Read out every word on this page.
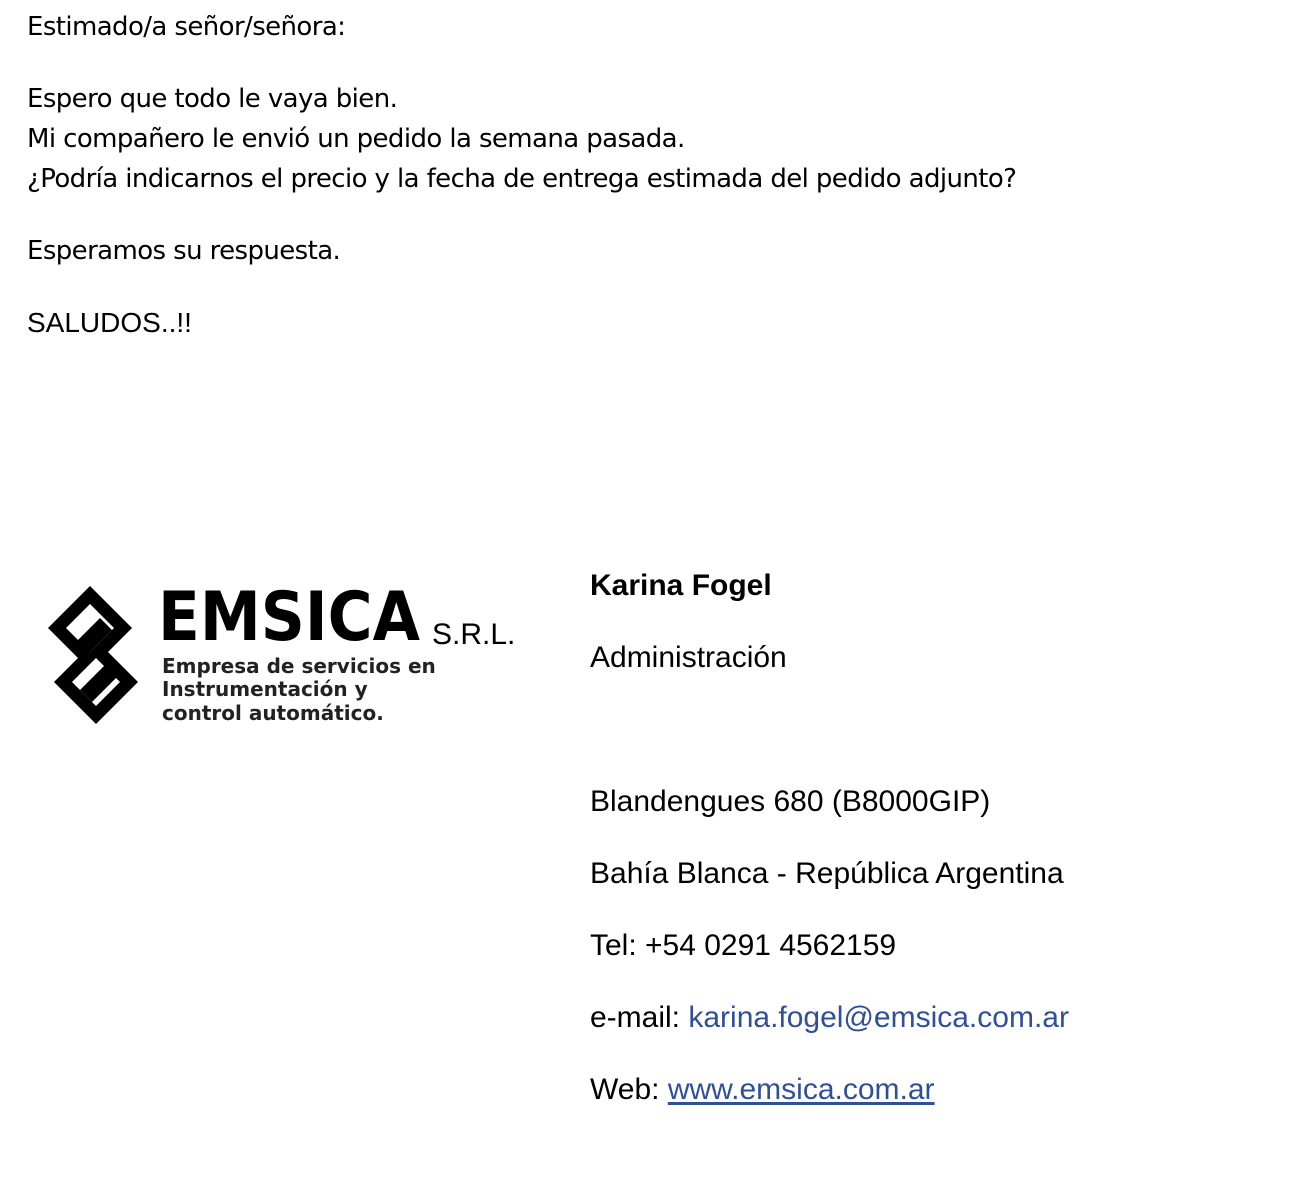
Estimado/a señor/señora:
Espero que todo le vaya bien.
Mi compañero le envió un pedido la semana pasada.
¿Podría indicarnos el precio y la fecha de entrega estimada del pedido adjunto?
Esperamos su respuesta.
SALUDOS..!!
EMSICA S.R.L.
Empresa de servicios en
Instrumentación y
control automático.
Karina Fogel
Administración
Blandengues 680 (B8000GIP)
Bahía Blanca - República Argentina
Tel: +54 0291 4562159
e-mail: karina.fogel@emsica.com.ar
Web: www.emsica.com.ar
